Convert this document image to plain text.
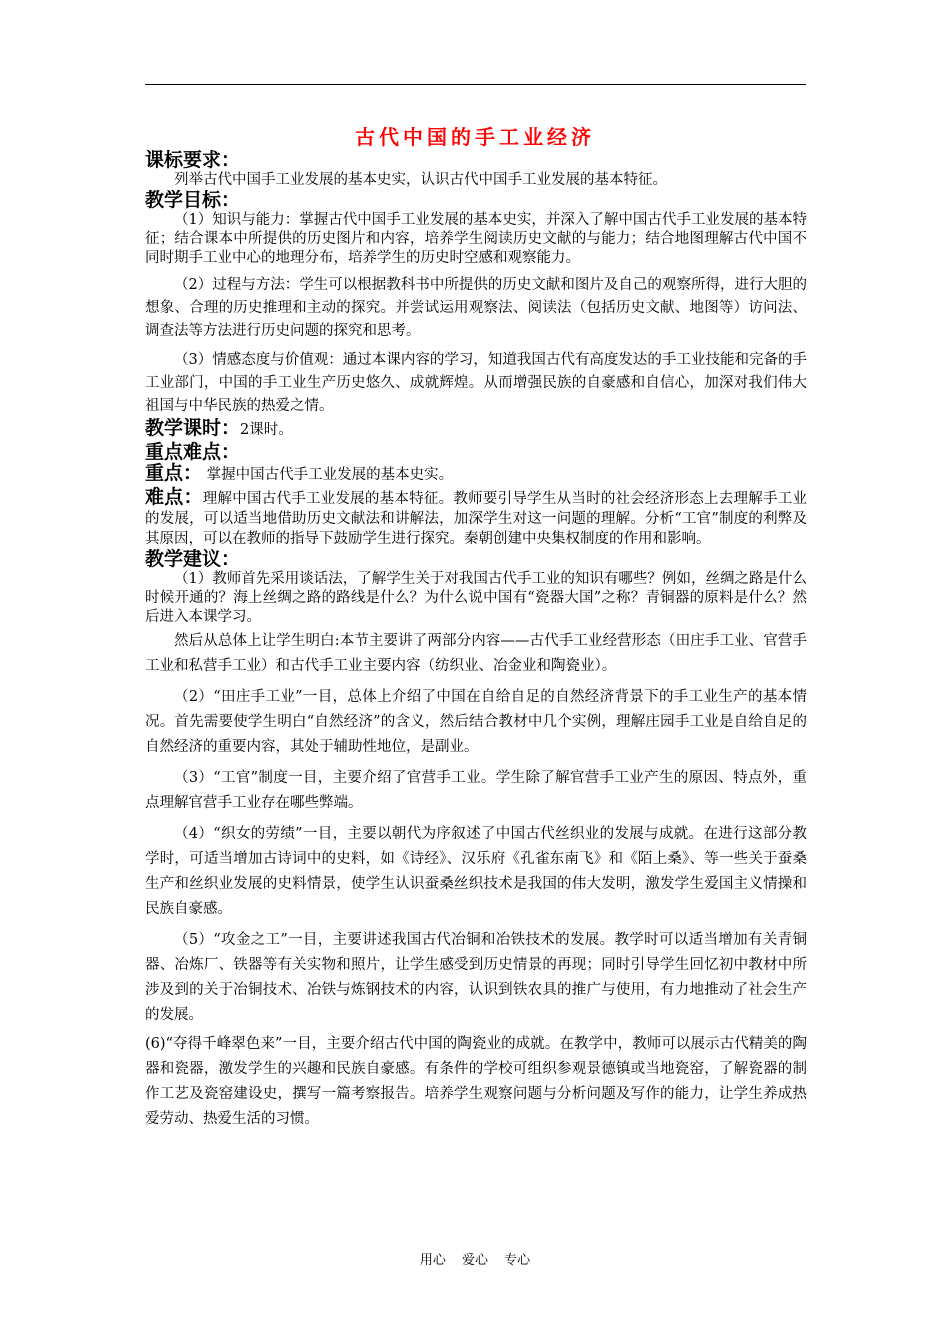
古代中国的手工业经济
课标要求：

列举古代中国手工业发展的基本史实，认识古代中国手工业发展的基本特征。

教学目标：

（1）知识与能力：掌握古代中国手工业发展的基本史实，并深入了解中国古代手工业发展的基本特征；结合课本中所提供的历史图片和内容，培养学生阅读历史文献的与能力；结合地图理解古代中国不同时期手工业中心的地理分布，培养学生的历史时空感和观察能力。

（2）过程与方法：学生可以根据教科书中所提供的历史文献和图片及自己的观察所得，进行大胆的想象、合理的历史推理和主动的探究。并尝试运用观察法、阅读法（包括历史文献、地图等）访问法、调查法等方法进行历史问题的探究和思考。

（3）情感态度与价值观：通过本课内容的学习，知道我国古代有高度发达的手工业技能和完备的手工业部门，中国的手工业生产历史悠久、成就辉煌。从而增强民族的自豪感和自信心，加深对我们伟大祖国与中华民族的热爱之情。

教学课时：2课时。
重点难点：
重点： 掌握中国古代手工业发展的基本史实。
难点：理解中国古代手工业发展的基本特征。教师要引导学生从当时的社会经济形态上去理解手工业的发展，可以适当地借助历史文献法和讲解法，加深学生对这一问题的理解。分析“工官”制度的利弊及其原因，可以在教师的指导下鼓励学生进行探究。秦朝创建中央集权制度的作用和影响。
教学建议：

（1）教师首先采用谈话法，了解学生关于对我国古代手工业的知识有哪些？例如，丝绸之路是什么时候开通的？海上丝绸之路的路线是什么？为什么说中国有“瓷器大国”之称？青铜器的原料是什么？然后进入本课学习。

然后从总体上让学生明白:本节主要讲了两部分内容——古代手工业经营形态（田庄手工业、官营手工业和私营手工业）和古代手工业主要内容（纺织业、冶金业和陶瓷业）。

（2）“田庄手工业”一目，总体上介绍了中国在自给自足的自然经济背景下的手工业生产的基本情况。首先需要使学生明白“自然经济”的含义，然后结合教材中几个实例，理解庄园手工业是自给自足的自然经济的重要内容，其处于辅助性地位，是副业。

（3）“工官”制度一目，主要介绍了官营手工业。学生除了解官营手工业产生的原因、特点外，重点理解官营手工业存在哪些弊端。

（4）“织女的劳绩”一目，主要以朝代为序叙述了中国古代丝织业的发展与成就。在进行这部分教学时，可适当增加古诗词中的史料，如《诗经》、汉乐府《孔雀东南飞》和《陌上桑》、等一些关于蚕桑生产和丝织业发展的史料情景，使学生认识蚕桑丝织技术是我国的伟大发明，激发学生爱国主义情操和民族自豪感。

（5）“攻金之工”一目，主要讲述我国古代冶铜和冶铁技术的发展。教学时可以适当增加有关青铜器、冶炼厂、铁器等有关实物和照片，让学生感受到历史情景的再现；同时引导学生回忆初中教材中所涉及到的关于冶铜技术、冶铁与炼钢技术的内容，认识到铁农具的推广与使用，有力地推动了社会生产的发展。

(6)“夺得千峰翠色来”一目，主要介绍古代中国的陶瓷业的成就。在教学中，教师可以展示古代精美的陶器和瓷器，激发学生的兴趣和民族自豪感。有条件的学校可组织参观景德镇或当地瓷窑，了解瓷器的制作工艺及瓷窑建设史，撰写一篇考察报告。培养学生观察问题与分析问题及写作的能力，让学生养成热爱劳动、热爱生活的习惯。

用心 爱心 专心
